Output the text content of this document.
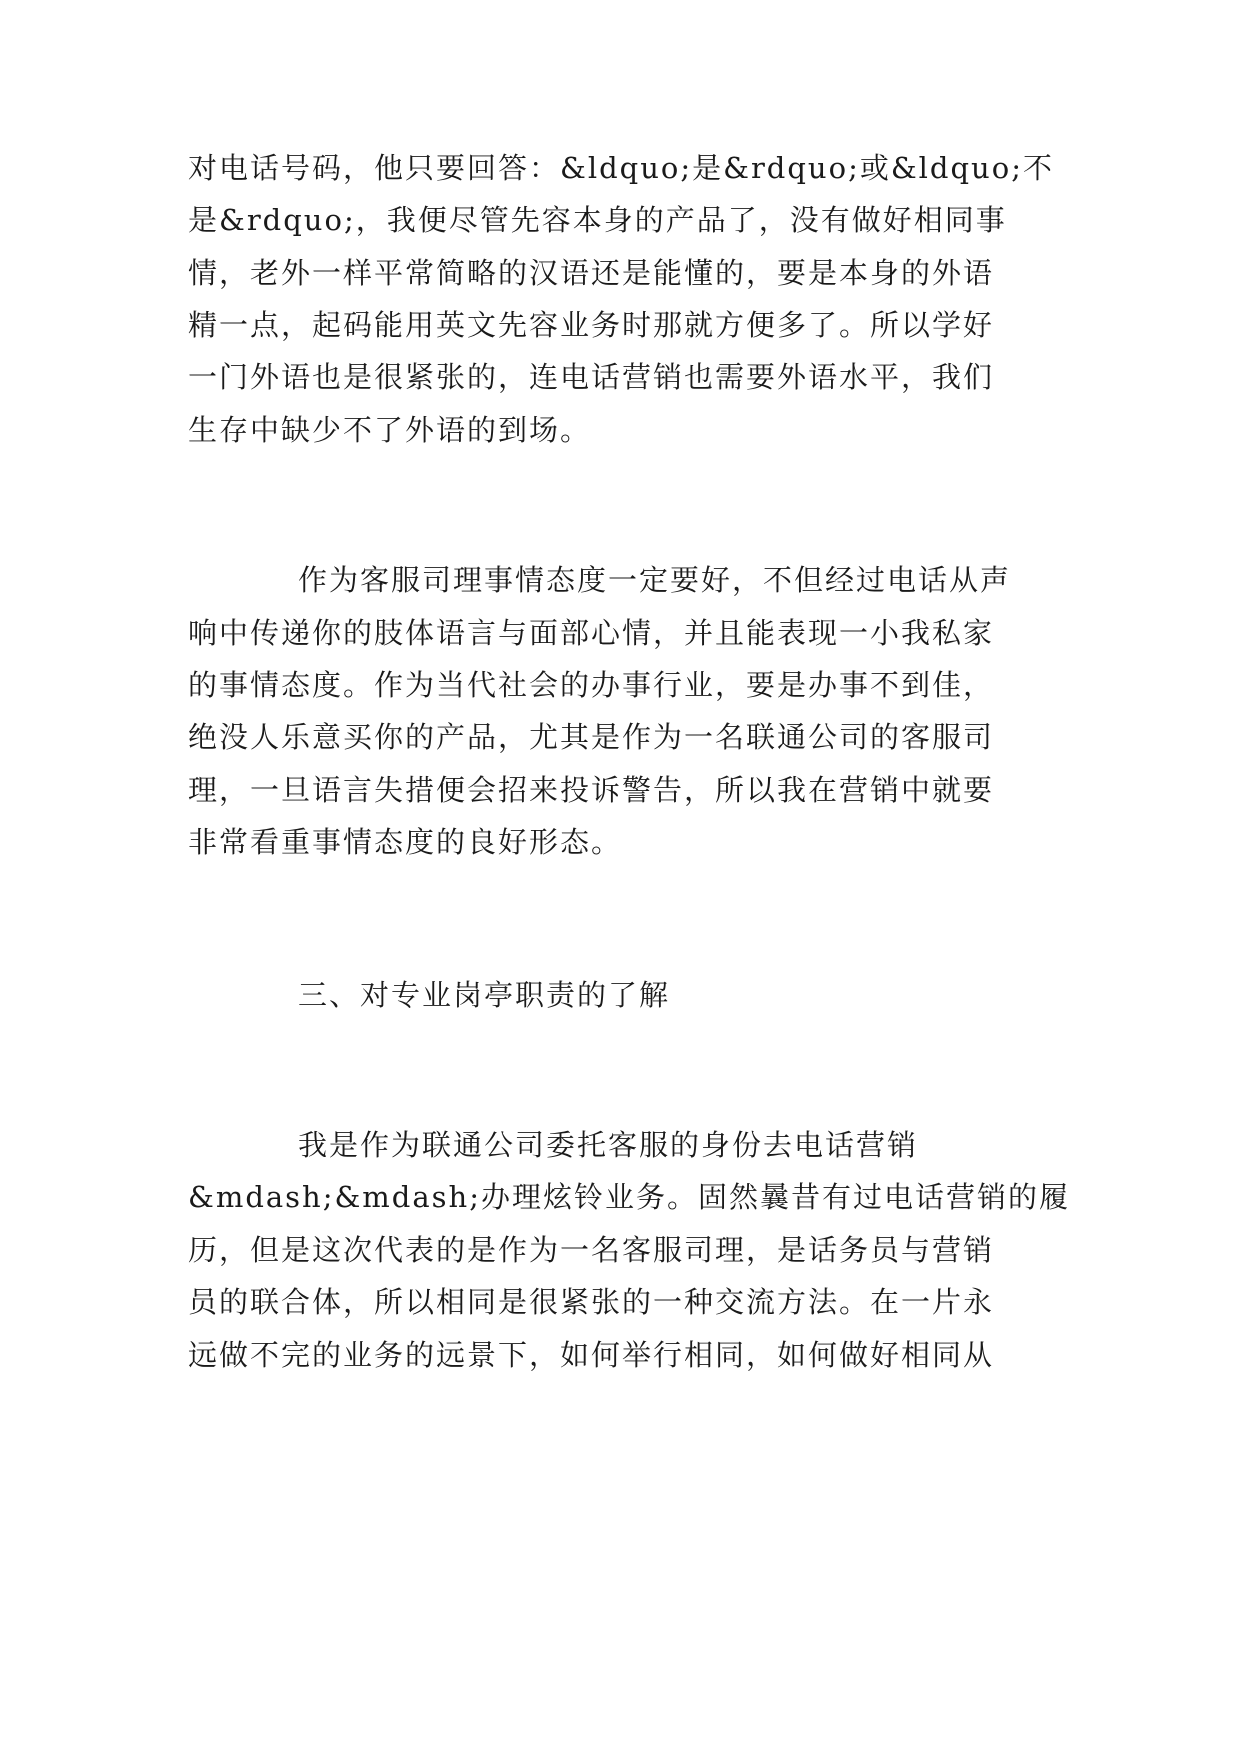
对电话号码，他只要回答：&ldquo;是&rdquo;或&ldquo;不
是&rdquo;，我便尽管先容本身的产品了，没有做好相同事
情，老外一样平常简略的汉语还是能懂的，要是本身的外语
精一点，起码能用英文先容业务时那就方便多了。所以学好
一门外语也是很紧张的，连电话营销也需要外语水平，我们
生存中缺少不了外语的到场。
作为客服司理事情态度一定要好，不但经过电话从声
响中传递你的肢体语言与面部心情，并且能表现一小我私家
的事情态度。作为当代社会的办事行业，要是办事不到佳，
绝没人乐意买你的产品，尤其是作为一名联通公司的客服司
理，一旦语言失措便会招来投诉警告，所以我在营销中就要
非常看重事情态度的良好形态。
三、对专业岗亭职责的了解
我是作为联通公司委托客服的身份去电话营销
&mdash;&mdash;办理炫铃业务。固然曩昔有过电话营销的履
历，但是这次代表的是作为一名客服司理，是话务员与营销
员的联合体，所以相同是很紧张的一种交流方法。在一片永
远做不完的业务的远景下，如何举行相同，如何做好相同从
